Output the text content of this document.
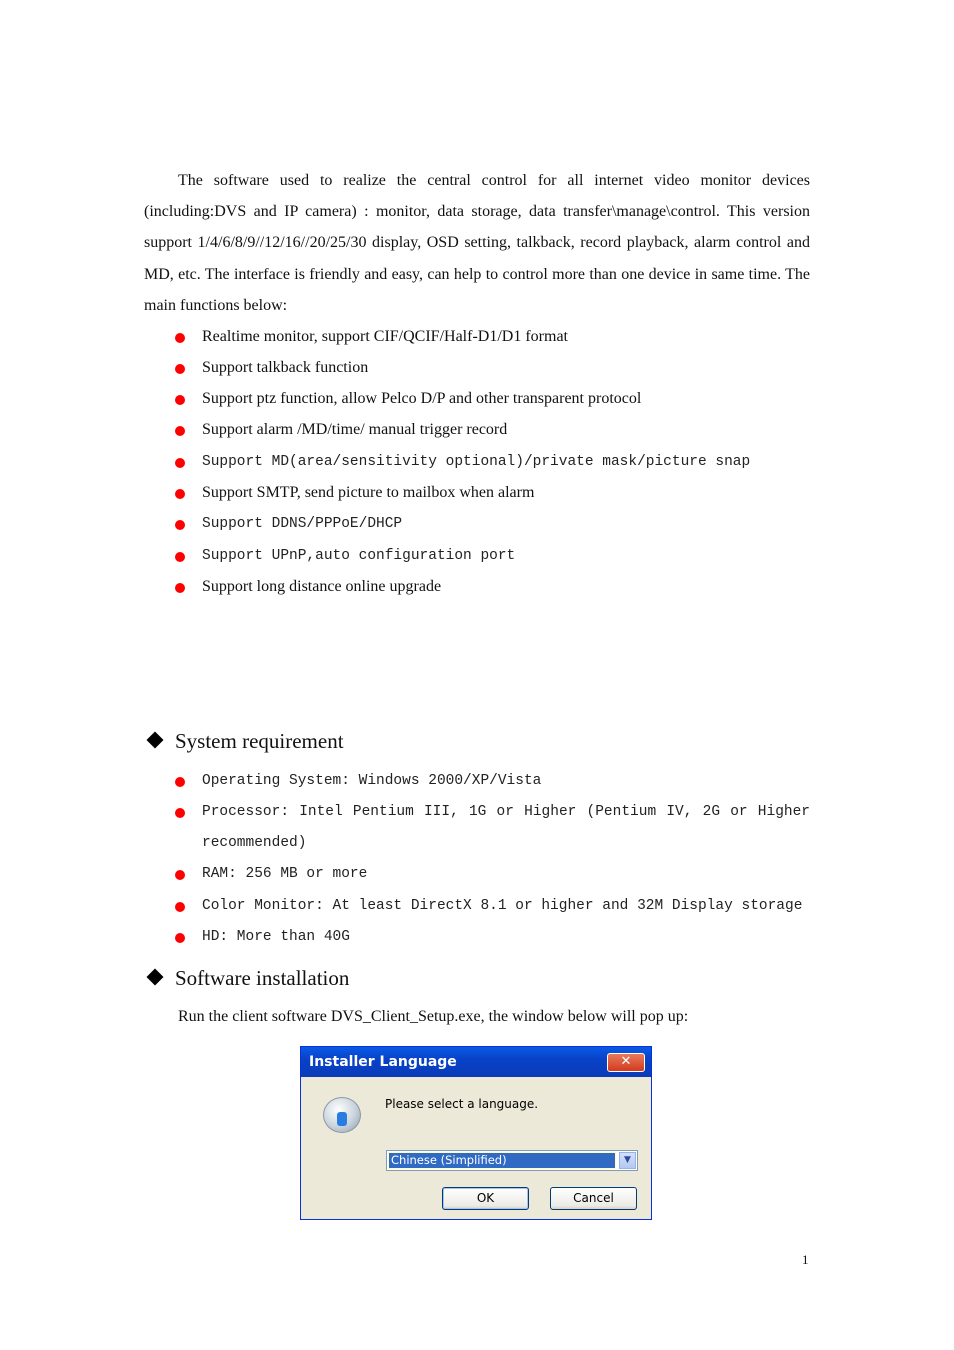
The software used to realize the central control for all internet video monitor devices (including:DVS and IP camera) : monitor, data storage, data transfer\manage\control. This version support 1/4/6/8/9//12/16//20/25/30 display, OSD setting, talkback, record playback, alarm control and MD, etc. The interface is friendly and easy, can help to control more than one device in same time. The main functions below:
Realtime monitor, support CIF/QCIF/Half-D1/D1 format
Support talkback function
Support ptz function, allow Pelco D/P and other transparent protocol
Support alarm /MD/time/ manual trigger record
Support MD(area/sensitivity optional)/private mask/picture snap
Support SMTP, send picture to mailbox when alarm
Support DDNS/PPPoE/DHCP
Support UPnP,auto configuration port
Support long distance online upgrade
System requirement
Operating System: Windows 2000/XP/Vista
Processor: Intel Pentium III, 1G or Higher (Pentium IV, 2G or Higher recommended)
RAM: 256 MB or more
Color Monitor: At least DirectX 8.1 or higher and 32M Display storage
HD: More than 40G
Software installation
Run the client software DVS_Client_Setup.exe, the window below will pop up:
Installer Language	✕
Please select a language.
Chinese (Simplified)	▼
OK	Cancel
1
